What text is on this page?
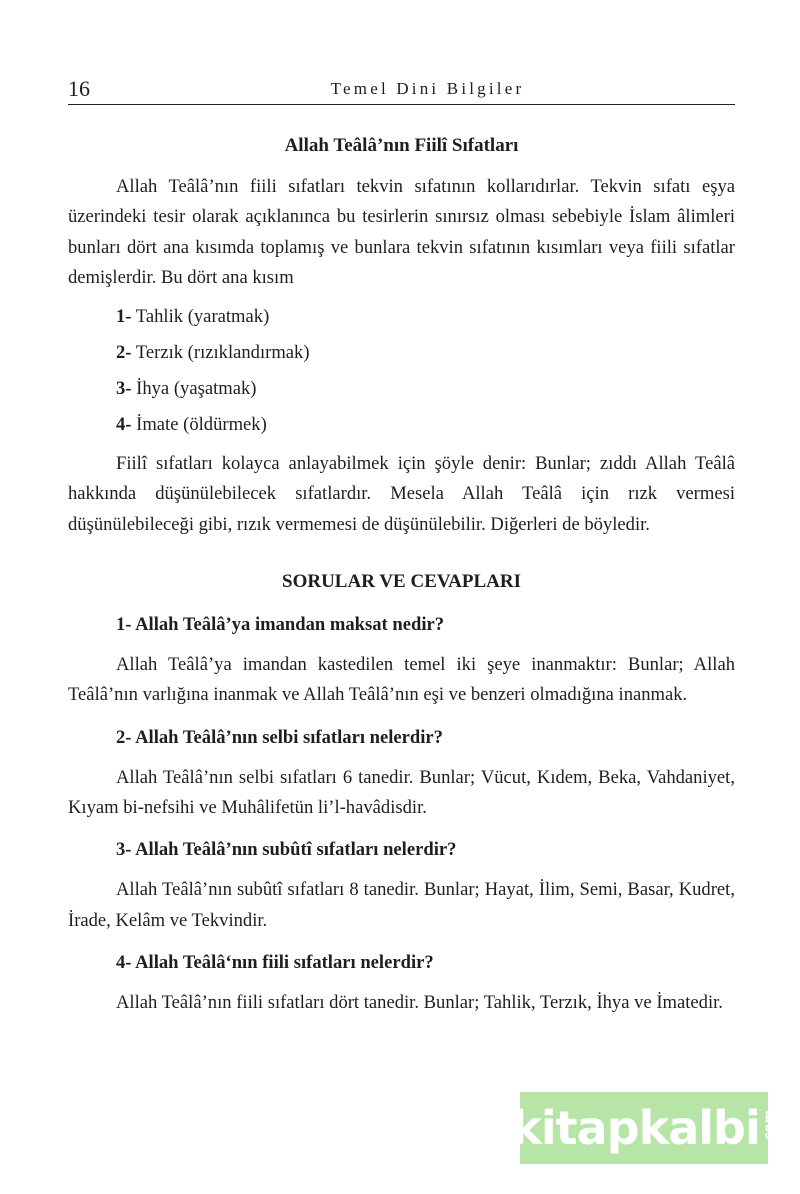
16	Temel Dini Bilgiler
Allah Teâlâ’nın Fiilî Sıfatları

Allah Teâlâ’nın fiili sıfatları tekvin sıfatının kollarıdırlar. Tekvin sıfatı eşya üzerindeki tesir olarak açıklanınca bu tesirlerin sınırsız olması sebebiyle İslam âlimleri bunları dört ana kısımda toplamış ve bunlara tekvin sıfatının kısımları veya fiili sıfatlar demişlerdir. Bu dört ana kısım

1- Tahlik (yaratmak)
2- Terzık (rızıklandırmak)
3- İhya (yaşatmak)
4- İmate (öldürmek)

Fiilî sıfatları kolayca anlayabilmek için şöyle denir: Bunlar; zıddı Allah Teâlâ hakkında düşünülebilecek sıfatlardır. Mesela Allah Teâlâ için rızk vermesi düşünülebileceği gibi, rızık vermemesi de düşünülebilir. Diğerleri de böyledir.

SORULAR VE CEVAPLARI
1- Allah Teâlâ’ya imandan maksat nedir?

Allah Teâlâ’ya imandan kastedilen temel iki şeye inanmaktır: Bunlar; Allah Teâlâ’nın varlığına inanmak ve Allah Teâlâ’nın eşi ve benzeri olmadığına inanmak.

2- Allah Teâlâ’nın selbi sıfatları nelerdir?

Allah Teâlâ’nın selbi sıfatları 6 tanedir. Bunlar; Vücut, Kıdem, Beka, Vahdaniyet, Kıyam bi-nefsihi ve Muhâlifetün li’l-havâdisdir.

3- Allah Teâlâ’nın subûtî sıfatları nelerdir?

Allah Teâlâ’nın subûtî sıfatları 8 tanedir. Bunlar; Hayat, İlim, Semi, Basar, Kudret, İrade, Kelâm ve Tekvindir.

4- Allah Teâlâ‘nın fiili sıfatları nelerdir?

Allah Teâlâ’nın fiili sıfatları dört tanedir. Bunlar; Tahlik, Terzık, İhya ve İmatedir.

kitapkalbi .com
